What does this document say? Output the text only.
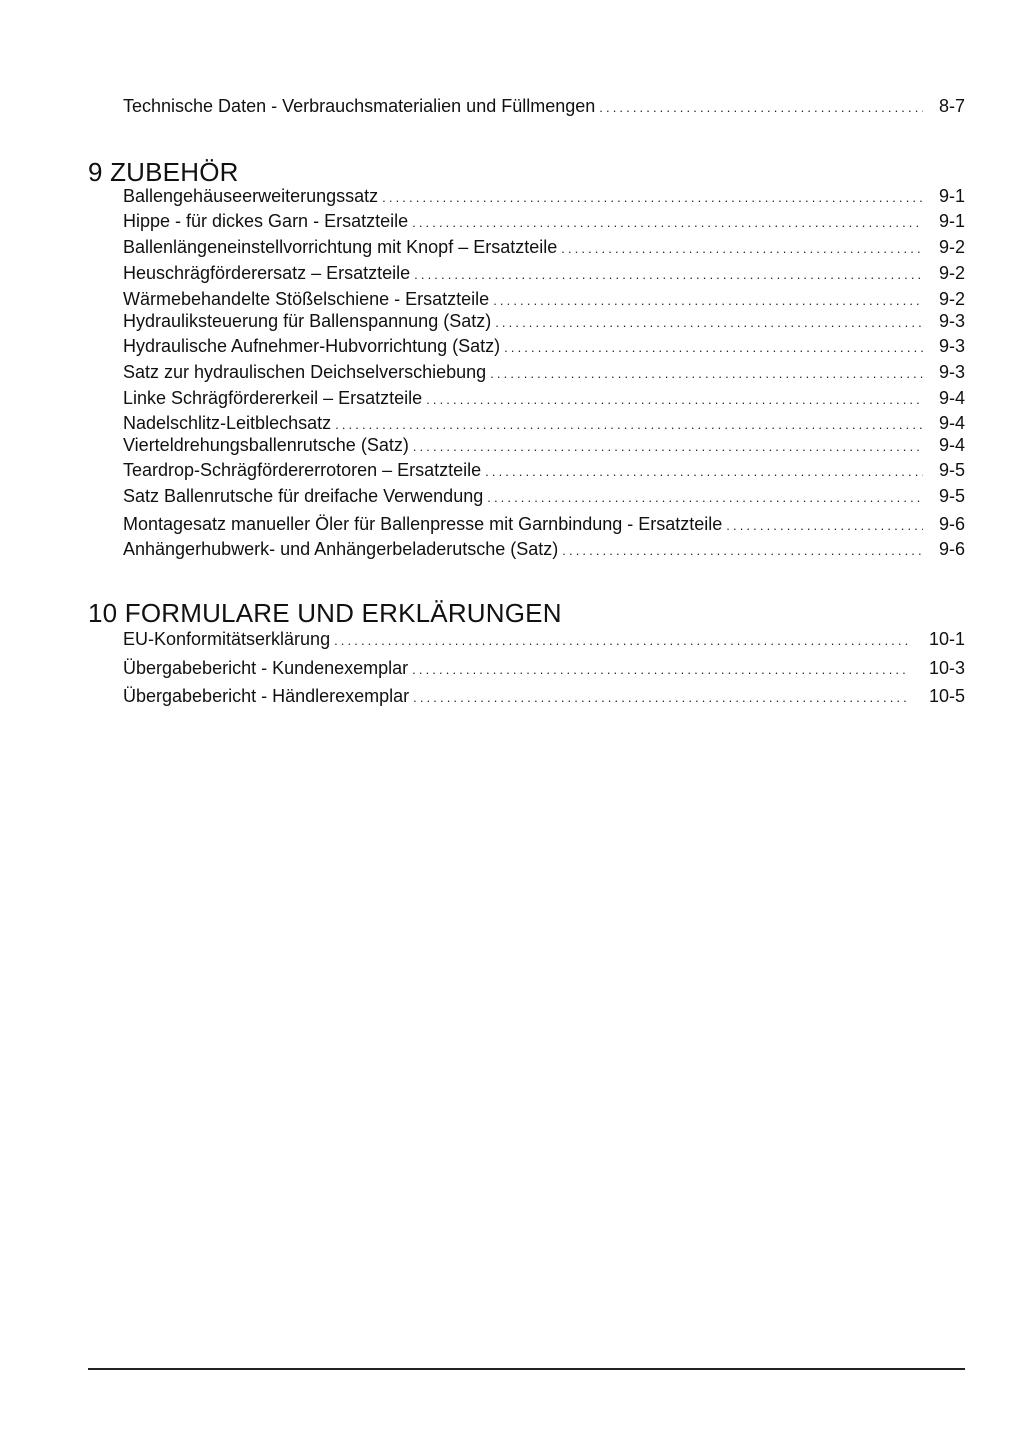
Technische Daten - Verbrauchsmaterialien und Füllmengen .....	8-7
9 ZUBEHÖR
Ballengehäuseerweiterungssatz .....	9-1
Hippe - für dickes Garn - Ersatzteile .....	9-1
Ballenlängeneinstellvorrichtung mit Knopf – Ersatzteile .....	9-2
Heuschrägförderersatz – Ersatzteile .....	9-2
Wärmebehandelte Stößelschiene - Ersatzteile .....	9-2
Hydrauliksteuerung für Ballenspannung (Satz) .....	9-3
Hydraulische Aufnehmer-Hubvorrichtung (Satz) .....	9-3
Satz zur hydraulischen Deichselverschiebung .....	9-3
Linke Schrägfördererkeil – Ersatzteile .....	9-4
Nadelschlitz-Leitblechsatz .....	9-4
Vierteldrehungsballenrutsche (Satz) .....	9-4
Teardrop-Schrägfördererrotoren – Ersatzteile .....	9-5
Satz Ballenrutsche für dreifache Verwendung .....	9-5
Montagesatz manueller Öler für Ballenpresse mit Garnbindung - Ersatzteile .....	9-6
Anhängerhubwerk- und Anhängerbeladerutsche (Satz) .....	9-6
10 FORMULARE UND ERKLÄRUNGEN
EU-Konformitätserklärung .....	10-1
Übergabebericht - Kundenexemplar .....	10-3
Übergabebericht - Händlerexemplar .....	10-5
